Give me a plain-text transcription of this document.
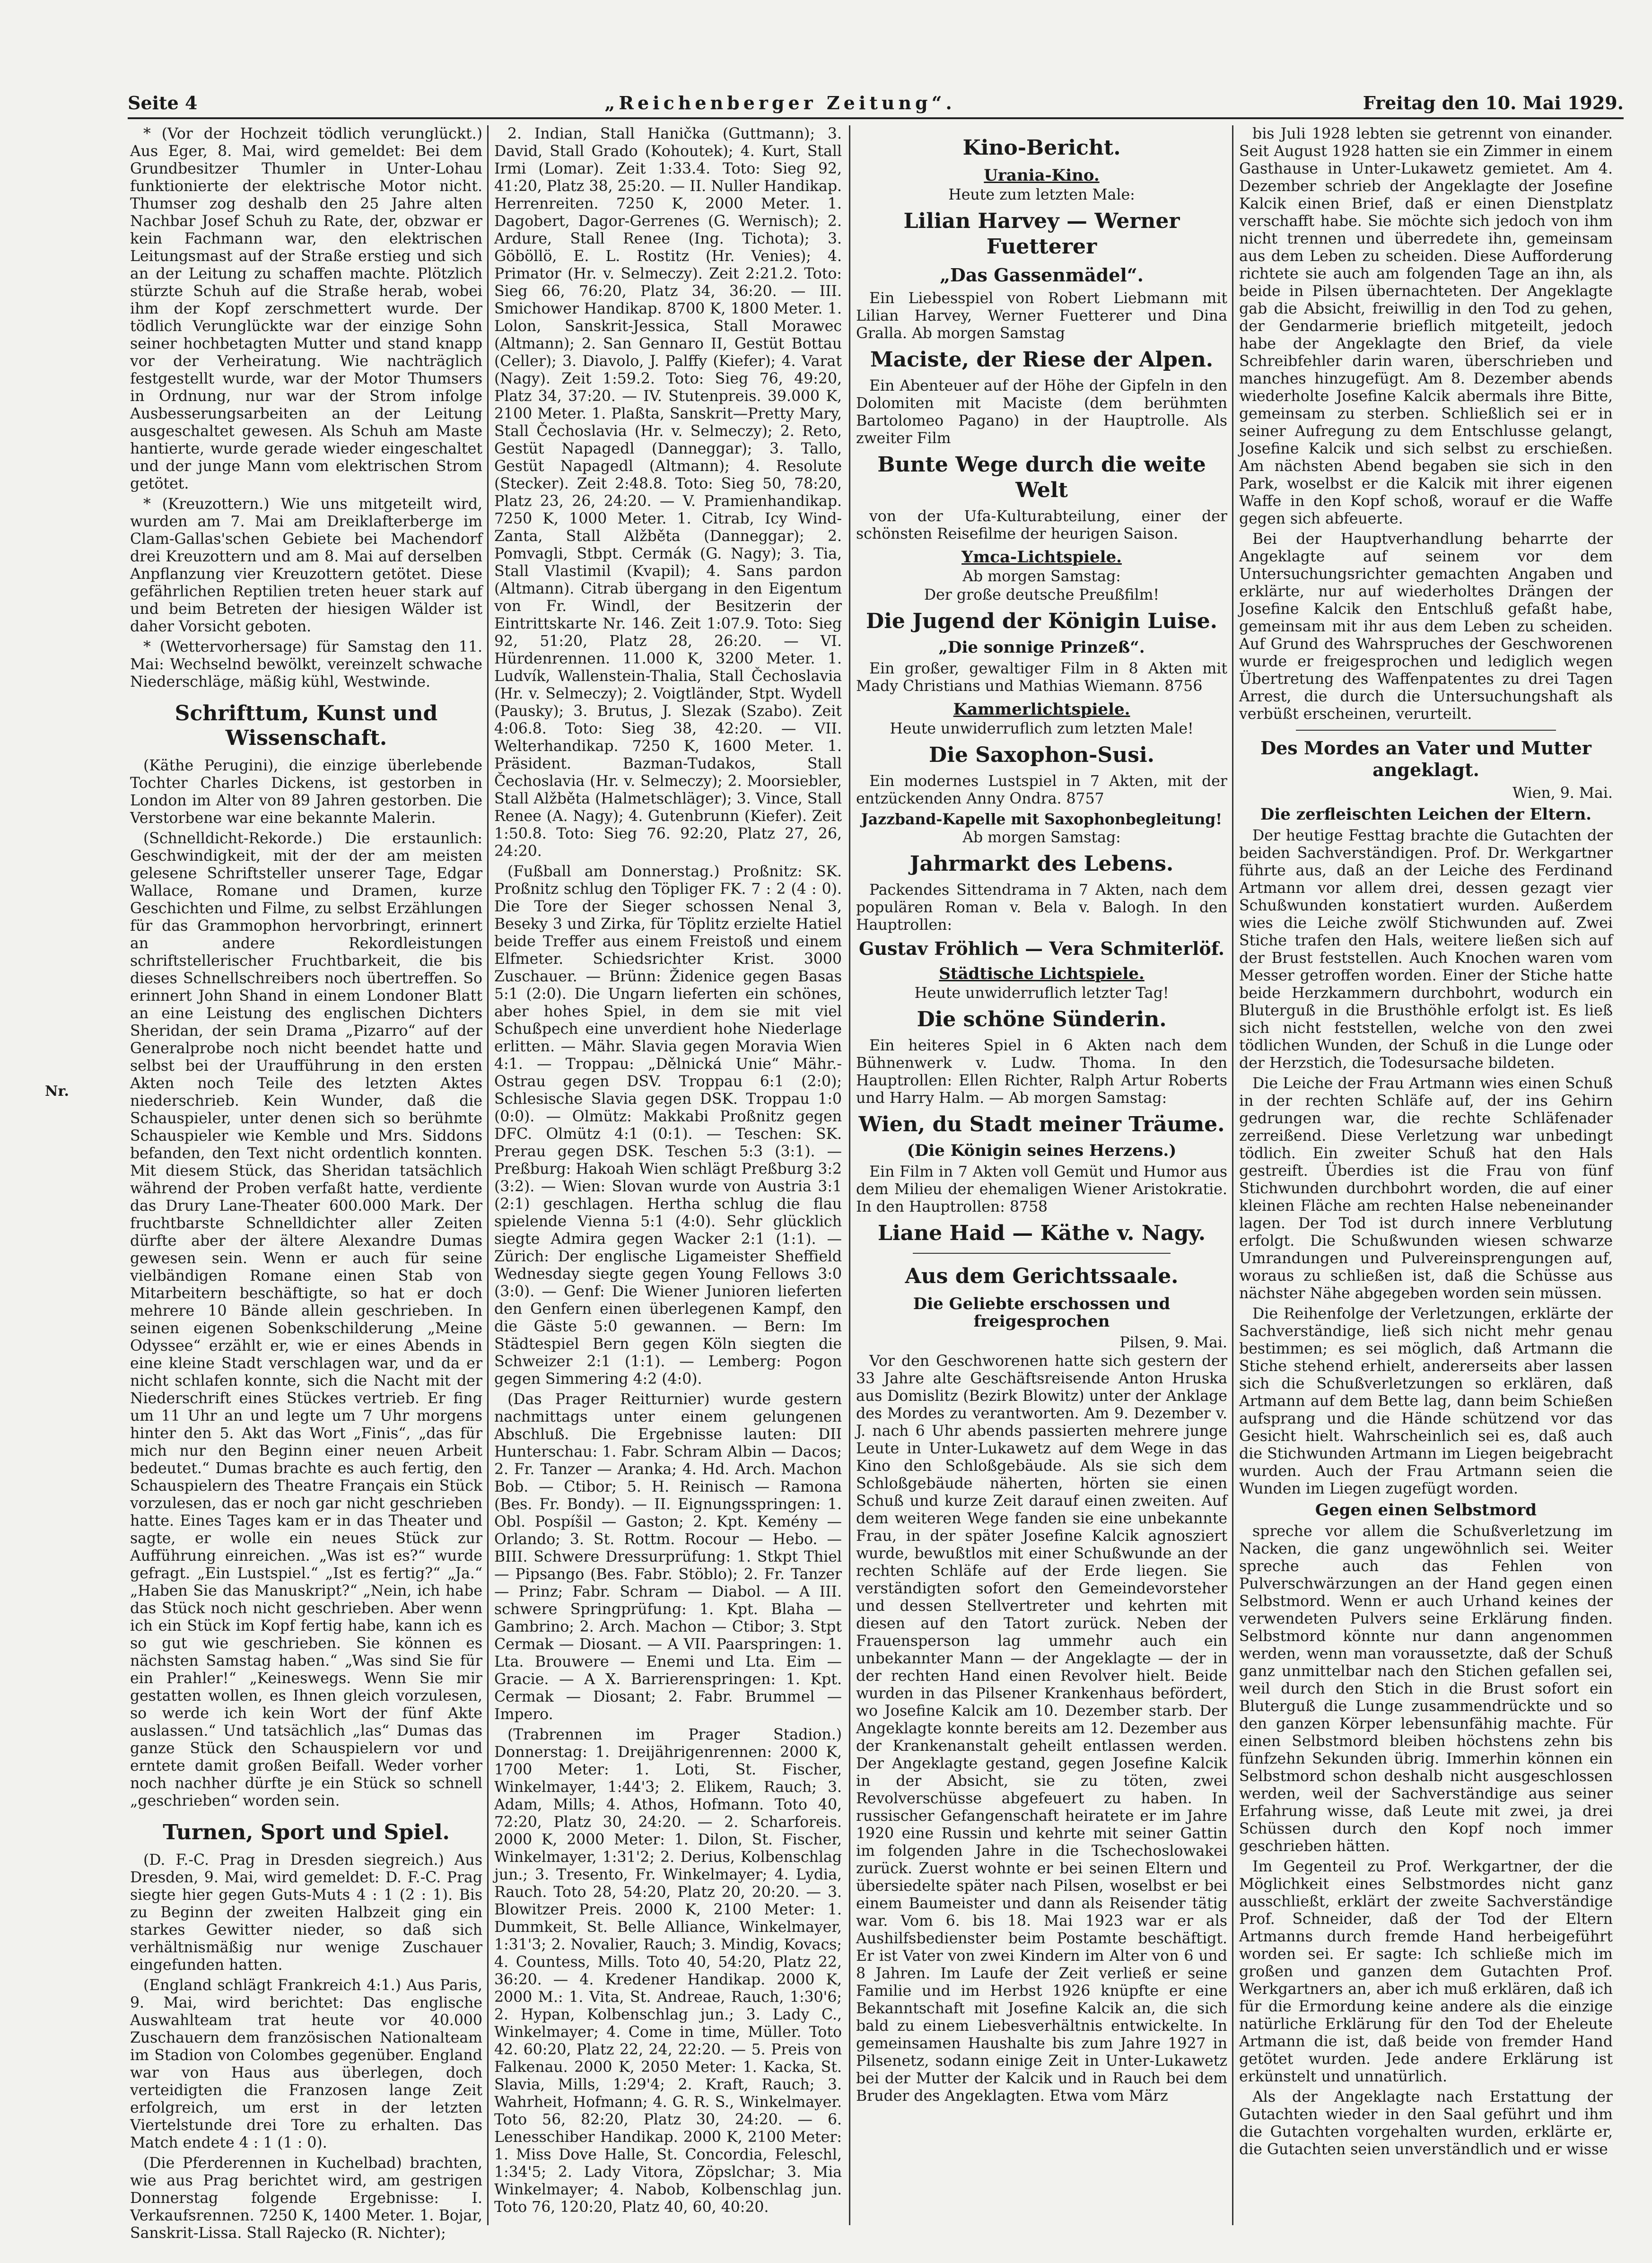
Seite 4	„Reichenberger Zeitung“.	Freitag den 10. Mai 1929.
Nr.

* (Vor der Hochzeit tödlich verunglückt.) Aus Eger, 8. Mai, wird gemeldet: Bei dem Grundbesitzer Thumler in Unter-Lohau funktionierte der elektrische Motor nicht. Thumser zog deshalb den 25 Jahre alten Nachbar Josef Schuh zu Rate, der, obzwar er kein Fachmann war, den elektrischen Leitungsmast auf der Straße erstieg und sich an der Leitung zu schaffen machte. Plötzlich stürzte Schuh auf die Straße herab, wobei ihm der Kopf zerschmettert wurde. Der tödlich Verunglückte war der einzige Sohn seiner hochbetagten Mutter und stand knapp vor der Verheiratung. Wie nachträglich festgestellt wurde, war der Motor Thumsers in Ordnung, nur war der Strom infolge Ausbesserungsarbeiten an der Leitung ausgeschaltet gewesen. Als Schuh am Maste hantierte, wurde gerade wieder eingeschaltet und der junge Mann vom elektrischen Strom getötet.

* (Kreuzottern.) Wie uns mitgeteilt wird, wurden am 7. Mai am Dreiklafterberge im Clam-Gallas'schen Gebiete bei Machendorf drei Kreuzottern und am 8. Mai auf derselben Anpflanzung vier Kreuzottern getötet. Diese gefährlichen Reptilien treten heuer stark auf und beim Betreten der hiesigen Wälder ist daher Vorsicht geboten.

* (Wettervorhersage) für Samstag den 11. Mai: Wechselnd bewölkt, vereinzelt schwache Niederschläge, mäßig kühl, Westwinde.

Schrifttum, Kunst und Wissenschaft.

(Käthe Perugini), die einzige überlebende Tochter Charles Dickens, ist gestorben in London im Alter von 89 Jahren gestorben. Die Verstorbene war eine bekannte Malerin.

(Schnelldicht-Rekorde.) Die erstaunlich: Geschwindigkeit, mit der der am meisten gelesene Schriftsteller unserer Tage, Edgar Wallace, Romane und Dramen, kurze Geschichten und Filme, zu selbst Erzählungen für das Grammophon hervorbringt, erinnert an andere Rekordleistungen schriftstellerischer Fruchtbarkeit, die bis dieses Schnellschreibers noch übertreffen. So erinnert John Shand in einem Londoner Blatt an eine Leistung des englischen Dichters Sheridan, der sein Drama „Pizarro“ auf der Generalprobe noch nicht beendet hatte und selbst bei der Uraufführung in den ersten Akten noch Teile des letzten Aktes niederschrieb. Kein Wunder, daß die Schauspieler, unter denen sich so berühmte Schauspieler wie Kemble und Mrs. Siddons befanden, den Text nicht ordentlich konnten. Mit diesem Stück, das Sheridan tatsächlich während der Proben verfaßt hatte, verdiente das Drury Lane-Theater 600.000 Mark. Der fruchtbarste Schnelldichter aller Zeiten dürfte aber der ältere Alexandre Dumas gewesen sein. Wenn er auch für seine vielbändigen Romane einen Stab von Mitarbeitern beschäftigte, so hat er doch mehrere 10 Bände allein geschrieben. In seinen eigenen Sobenkschilderung „Meine Odyssee“ erzählt er, wie er eines Abends in eine kleine Stadt verschlagen war, und da er nicht schlafen konnte, sich die Nacht mit der Niederschrift eines Stückes vertrieb. Er fing um 11 Uhr an und legte um 7 Uhr morgens hinter den 5. Akt das Wort „Finis“, „das für mich nur den Beginn einer neuen Arbeit bedeutet.“ Dumas brachte es auch fertig, den Schauspielern des Theatre Français ein Stück vorzulesen, das er noch gar nicht geschrieben hatte. Eines Tages kam er in das Theater und sagte, er wolle ein neues Stück zur Aufführung einreichen. „Was ist es?“ wurde gefragt. „Ein Lustspiel.“ „Ist es fertig?“ „Ja.“ „Haben Sie das Manuskript?“ „Nein, ich habe das Stück noch nicht geschrieben. Aber wenn ich ein Stück im Kopf fertig habe, kann ich es so gut wie geschrieben. Sie können es nächsten Samstag haben.“ „Was sind Sie für ein Prahler!“ „Keineswegs. Wenn Sie mir gestatten wollen, es Ihnen gleich vorzulesen, so werde ich kein Wort der fünf Akte auslassen.“ Und tatsächlich „las“ Dumas das ganze Stück den Schauspielern vor und erntete damit großen Beifall. Weder vorher noch nachher dürfte je ein Stück so schnell „geschrieben“ worden sein.

Turnen, Sport und Spiel.

(D. F.-C. Prag in Dresden siegreich.) Aus Dresden, 9. Mai, wird gemeldet: D. F.-C. Prag siegte hier gegen Guts-Muts 4 : 1 (2 : 1). Bis zu Beginn der zweiten Halbzeit ging ein starkes Gewitter nieder, so daß sich verhältnismäßig nur wenige Zuschauer eingefunden hatten.

(England schlägt Frankreich 4:1.) Aus Paris, 9. Mai, wird berichtet: Das englische Auswahlteam trat heute vor 40.000 Zuschauern dem französischen Nationalteam im Stadion von Colombes gegenüber. England war von Haus aus überlegen, doch verteidigten die Franzosen lange Zeit erfolgreich, um erst in der letzten Viertelstunde drei Tore zu erhalten. Das Match endete 4 : 1 (1 : 0).

(Die Pferderennen in Kuchelbad) brachten, wie aus Prag berichtet wird, am gestrigen Donnerstag folgende Ergebnisse: I. Verkaufsrennen. 7250 K, 1400 Meter. 1. Bojar, Sanskrit-Lissa. Stall Rajecko (R. Nichter);

2. Indian, Stall Hanička (Guttmann); 3. David, Stall Grado (Kohoutek); 4. Kurt, Stall Irmi (Lomar). Zeit 1:33.4. Toto: Sieg 92, 41:20, Platz 38, 25:20. — II. Nuller Handikap. Herrenreiten. 7250 K, 2000 Meter. 1. Dagobert, Dagor-Gerrenes (G. Wernisch); 2. Ardure, Stall Renee (Ing. Tichota); 3. Göböllö, E. L. Rostitz (Hr. Venies); 4. Primator (Hr. v. Selmeczy). Zeit 2:21.2. Toto: Sieg 66, 76:20, Platz 34, 36:20. — III. Smichower Handikap. 8700 K, 1800 Meter. 1. Lolon, Sanskrit-Jessica, Stall Morawec (Altmann); 2. San Gennaro II, Gestüt Bottau (Celler); 3. Diavolo, J. Palffy (Kiefer); 4. Varat (Nagy). Zeit 1:59.2. Toto: Sieg 76, 49:20, Platz 34, 37:20. — IV. Stutenpreis. 39.000 K, 2100 Meter. 1. Plaßta, Sanskrit—Pretty Mary, Stall Čechoslavia (Hr. v. Selmeczy); 2. Reto, Gestüt Napagedl (Danneggar); 3. Tallo, Gestüt Napagedl (Altmann); 4. Resolute (Stecker). Zeit 2:48.8. Toto: Sieg 50, 78:20, Platz 23, 26, 24:20. — V. Pramienhandikap. 7250 K, 1000 Meter. 1. Citrab, Icy Wind-Zanta, Stall Alžběta (Danneggar); 2. Pomvagli, Stbpt. Cermák (G. Nagy); 3. Tia, Stall Vlastimil (Kvapil); 4. Sans pardon (Altmann). Citrab übergang in den Eigentum von Fr. Windl, der Besitzerin der Eintrittskarte Nr. 146. Zeit 1:07.9. Toto: Sieg 92, 51:20, Platz 28, 26:20. — VI. Hürdenrennen. 11.000 K, 3200 Meter. 1. Ludvík, Wallenstein-Thalia, Stall Čechoslavia (Hr. v. Selmeczy); 2. Voigtländer, Stpt. Wydell (Pausky); 3. Brutus, J. Slezak (Szabo). Zeit 4:06.8. Toto: Sieg 38, 42:20. — VII. Welterhandikap. 7250 K, 1600 Meter. 1. Präsident. Bazman-Tudakos, Stall Čechoslavia (Hr. v. Selmeczy); 2. Moorsiebler, Stall Alžběta (Halmetschläger); 3. Vince, Stall Renee (A. Nagy); 4. Gutenbrunn (Kiefer). Zeit 1:50.8. Toto: Sieg 76. 92:20, Platz 27, 26, 24:20.

(Fußball am Donnerstag.) Proßnitz: SK. Proßnitz schlug den Töpliger FK. 7 : 2 (4 : 0). Die Tore der Sieger schossen Nenal 3, Beseky 3 und Zirka, für Töplitz erzielte Hatiel beide Treffer aus einem Freistoß und einem Elfmeter. Schiedsrichter Krist. 3000 Zuschauer. — Brünn: Židenice gegen Basas 5:1 (2:0). Die Ungarn lieferten ein schönes, aber hohes Spiel, in dem sie mit viel Schußpech eine unverdient hohe Niederlage erlitten. — Mähr. Slavia gegen Moravia Wien 4:1. — Troppau: „Dělnická Unie“ Mähr.-Ostrau gegen DSV. Troppau 6:1 (2:0); Schlesische Slavia gegen DSK. Troppau 1:0 (0:0). — Olmütz: Makkabi Proßnitz gegen DFC. Olmütz 4:1 (0:1). — Teschen: SK. Prerau gegen DSK. Teschen 5:3 (3:1). — Preßburg: Hakoah Wien schlägt Preßburg 3:2 (3:2). — Wien: Slovan wurde von Austria 3:1 (2:1) geschlagen. Hertha schlug die flau spielende Vienna 5:1 (4:0). Sehr glücklich siegte Admira gegen Wacker 2:1 (1:1). — Zürich: Der englische Ligameister Sheffield Wednesday siegte gegen Young Fellows 3:0 (3:0). — Genf: Die Wiener Junioren lieferten den Genfern einen überlegenen Kampf, den die Gäste 5:0 gewannen. — Bern: Im Städtespiel Bern gegen Köln siegten die Schweizer 2:1 (1:1). — Lemberg: Pogon gegen Simmering 4:2 (4:0).

(Das Prager Reitturnier) wurde gestern nachmittags unter einem gelungenen Abschluß. Die Ergebnisse lauten: DII Hunterschau: 1. Fabr. Schram Albin — Dacos; 2. Fr. Tanzer — Aranka; 4. Hd. Arch. Machon Bob. — Ctibor; 5. H. Reinisch — Ramona (Bes. Fr. Bondy). — II. Eignungsspringen: 1. Obl. Pospíšil — Gaston; 2. Kpt. Kemény — Orlando; 3. St. Rottm. Rocour — Hebo. — BIII. Schwere Dressurprüfung: 1. Stkpt Thiel — Pipsango (Bes. Fabr. Stöblo); 2. Fr. Tanzer — Prinz; Fabr. Schram — Diabol. — A III. schwere Springprüfung: 1. Kpt. Blaha — Gambrino; 2. Arch. Machon — Ctibor; 3. Stpt Cermak — Diosant. — A VII. Paarspringen: 1. Lta. Brouwere — Enemi und Lta. Eim — Gracie. — A X. Barrierenspringen: 1. Kpt. Cermak — Diosant; 2. Fabr. Brummel — Impero.

(Trabrennen im Prager Stadion.) Donnerstag: 1. Dreijährigenrennen: 2000 K, 1700 Meter: 1. Loti, St. Fischer, Winkelmayer, 1:44'3; 2. Elikem, Rauch; 3. Adam, Mills; 4. Athos, Hofmann. Toto 40, 72:20, Platz 30, 24:20. — 2. Scharforeis. 2000 K, 2000 Meter: 1. Dilon, St. Fischer, Winkelmayer, 1:31'2; 2. Derius, Kolbenschlag jun.; 3. Tresento, Fr. Winkelmayer; 4. Lydia, Rauch. Toto 28, 54:20, Platz 20, 20:20. — 3. Blowitzer Preis. 2000 K, 2100 Meter: 1. Dummkeit, St. Belle Alliance, Winkelmayer, 1:31'3; 2. Novalier, Rauch; 3. Mindig, Kovacs; 4. Countess, Mills. Toto 40, 54:20, Platz 22, 36:20. — 4. Kredener Handikap. 2000 K, 2000 M.: 1. Vita, St. Andreae, Rauch, 1:30'6; 2. Hypan, Kolbenschlag jun.; 3. Lady C., Winkelmayer; 4. Come in time, Müller. Toto 42. 60:20, Platz 22, 24, 22:20. — 5. Preis von Falkenau. 2000 K, 2050 Meter: 1. Kacka, St. Slavia, Mills, 1:29'4; 2. Kraft, Rauch; 3. Wahrheit, Hofmann; 4. G. R. S., Winkelmayer. Toto 56, 82:20, Platz 30, 24:20. — 6. Lenesschiber Handikap. 2000 K, 2100 Meter: 1. Miss Dove Halle, St. Concordia, Feleschl, 1:34'5; 2. Lady Vitora, Zöpslchar; 3. Mia Winkelmayer; 4. Nabob, Kolbenschlag jun. Toto 76, 120:20, Platz 40, 60, 40:20.

Kino-Bericht.
Urania-Kino.
Heute zum letzten Male:
Lilian Harvey — Werner Fuetterer
„Das Gassenmädel“.

Ein Liebesspiel von Robert Liebmann mit Lilian Harvey, Werner Fuetterer und Dina Gralla. Ab morgen Samstag

Maciste, der Riese der Alpen.

Ein Abenteuer auf der Höhe der Gipfeln in den Dolomiten mit Maciste (dem berühmten Bartolomeo Pagano) in der Hauptrolle. Als zweiter Film

Bunte Wege durch die weite Welt

von der Ufa-Kulturabteilung, einer der schönsten Reisefilme der heurigen Saison.

Ymca-Lichtspiele.
Ab morgen Samstag:
Der große deutsche Preußfilm!
Die Jugend der Königin Luise.
„Die sonnige Prinzeß“.

Ein großer, gewaltiger Film in 8 Akten mit Mady Christians und Mathias Wiemann. 8756

Kammerlichtspiele.
Heute unwiderruflich zum letzten Male!
Die Saxophon-Susi.

Ein modernes Lustspiel in 7 Akten, mit der entzückenden Anny Ondra. 8757

Jazzband-Kapelle mit Saxophonbegleitung!
Ab morgen Samstag:
Jahrmarkt des Lebens.

Packendes Sittendrama in 7 Akten, nach dem populären Roman v. Bela v. Balogh. In den Hauptrollen:

Gustav Fröhlich — Vera Schmiterlöf.
Städtische Lichtspiele.
Heute unwiderruflich letzter Tag!
Die schöne Sünderin.

Ein heiteres Spiel in 6 Akten nach dem Bühnenwerk v. Ludw. Thoma. In den Hauptrollen: Ellen Richter, Ralph Artur Roberts und Harry Halm. — Ab morgen Samstag:

Wien, du Stadt meiner Träume.
(Die Königin seines Herzens.)

Ein Film in 7 Akten voll Gemüt und Humor aus dem Milieu der ehemaligen Wiener Aristokratie. In den Hauptrollen: 8758

Liane Haid — Käthe v. Nagy.
Aus dem Gerichtssaale.
Die Geliebte erschossen und freigesprochen
Pilsen, 9. Mai.

Vor den Geschworenen hatte sich gestern der 33 Jahre alte Geschäftsreisende Anton Hruska aus Domislitz (Bezirk Blowitz) unter der Anklage des Mordes zu verantworten. Am 9. Dezember v. J. nach 6 Uhr abends passierten mehrere junge Leute in Unter-Lukawetz auf dem Wege in das Kino den Schloßgebäude. Als sie sich dem Schloßgebäude näherten, hörten sie einen Schuß und kurze Zeit darauf einen zweiten. Auf dem weiteren Wege fanden sie eine unbekannte Frau, in der später Josefine Kalcik agnosziert wurde, bewußtlos mit einer Schußwunde an der rechten Schläfe auf der Erde liegen. Sie verständigten sofort den Gemeindevorsteher und dessen Stellvertreter und kehrten mit diesen auf den Tatort zurück. Neben der Frauensperson lag ummehr auch ein unbekannter Mann — der Angeklagte — der in der rechten Hand einen Revolver hielt. Beide wurden in das Pilsener Krankenhaus befördert, wo Josefine Kalcik am 10. Dezember starb. Der Angeklagte konnte bereits am 12. Dezember aus der Krankenanstalt geheilt entlassen werden. Der Angeklagte gestand, gegen Josefine Kalcik in der Absicht, sie zu töten, zwei Revolverschüsse abgefeuert zu haben. In russischer Gefangenschaft heiratete er im Jahre 1920 eine Russin und kehrte mit seiner Gattin im folgenden Jahre in die Tschechoslowakei zurück. Zuerst wohnte er bei seinen Eltern und übersiedelte später nach Pilsen, woselbst er bei einem Baumeister und dann als Reisender tätig war. Vom 6. bis 18. Mai 1923 war er als Aushilfsbedienster beim Postamte beschäftigt. Er ist Vater von zwei Kindern im Alter von 6 und 8 Jahren. Im Laufe der Zeit verließ er seine Familie und im Herbst 1926 knüpfte er eine Bekanntschaft mit Josefine Kalcik an, die sich bald zu einem Liebesverhältnis entwickelte. In gemeinsamen Haushalte bis zum Jahre 1927 in Pilsenetz, sodann einige Zeit in Unter-Lukawetz bei der Mutter der Kalcik und in Rauch bei dem Bruder des Angeklagten. Etwa vom März

bis Juli 1928 lebten sie getrennt von einander. Seit August 1928 hatten sie ein Zimmer in einem Gasthause in Unter-Lukawetz gemietet. Am 4. Dezember schrieb der Angeklagte der Josefine Kalcik einen Brief, daß er einen Dienstplatz verschafft habe. Sie möchte sich jedoch von ihm nicht trennen und überredete ihn, gemeinsam aus dem Leben zu scheiden. Diese Aufforderung richtete sie auch am folgenden Tage an ihn, als beide in Pilsen übernachteten. Der Angeklagte gab die Absicht, freiwillig in den Tod zu gehen, der Gendarmerie brieflich mitgeteilt, jedoch habe der Angeklagte den Brief, da viele Schreibfehler darin waren, überschrieben und manches hinzugefügt. Am 8. Dezember abends wiederholte Josefine Kalcik abermals ihre Bitte, gemeinsam zu sterben. Schließlich sei er in seiner Aufregung zu dem Entschlusse gelangt, Josefine Kalcik und sich selbst zu erschießen. Am nächsten Abend begaben sie sich in den Park, woselbst er die Kalcik mit ihrer eigenen Waffe in den Kopf schoß, worauf er die Waffe gegen sich abfeuerte.

Bei der Hauptverhandlung beharrte der Angeklagte auf seinem vor dem Untersuchungsrichter gemachten Angaben und erklärte, nur auf wiederholtes Drängen der Josefine Kalcik den Entschluß gefaßt habe, gemeinsam mit ihr aus dem Leben zu scheiden. Auf Grund des Wahrspruches der Geschworenen wurde er freigesprochen und lediglich wegen Übertretung des Waffenpatentes zu drei Tagen Arrest, die durch die Untersuchungshaft als verbüßt erscheinen, verurteilt.

Des Mordes an Vater und Mutter angeklagt.
Wien, 9. Mai.
Die zerfleischten Leichen der Eltern.

Der heutige Festtag brachte die Gutachten der beiden Sachverständigen. Prof. Dr. Werkgartner führte aus, daß an der Leiche des Ferdinand Artmann vor allem drei, dessen gezagt vier Schußwunden konstatiert wurden. Außerdem wies die Leiche zwölf Stichwunden auf. Zwei Stiche trafen den Hals, weitere ließen sich auf der Brust feststellen. Auch Knochen waren vom Messer getroffen worden. Einer der Stiche hatte beide Herzkammern durchbohrt, wodurch ein Bluterguß in die Brusthöhle erfolgt ist. Es ließ sich nicht feststellen, welche von den zwei tödlichen Wunden, der Schuß in die Lunge oder der Herzstich, die Todesursache bildeten.

Die Leiche der Frau Artmann wies einen Schuß in der rechten Schläfe auf, der ins Gehirn gedrungen war, die rechte Schläfenader zerreißend. Diese Verletzung war unbedingt tödlich. Ein zweiter Schuß hat den Hals gestreift. Überdies ist die Frau von fünf Stichwunden durchbohrt worden, die auf einer kleinen Fläche am rechten Halse nebeneinander lagen. Der Tod ist durch innere Verblutung erfolgt. Die Schußwunden wiesen schwarze Umrandungen und Pulvereinsprengungen auf, woraus zu schließen ist, daß die Schüsse aus nächster Nähe abgegeben worden sein müssen.

Die Reihenfolge der Verletzungen, erklärte der Sachverständige, ließ sich nicht mehr genau bestimmen; es sei möglich, daß Artmann die Stiche stehend erhielt, andererseits aber lassen sich die Schußverletzungen so erklären, daß Artmann auf dem Bette lag, dann beim Schießen aufsprang und die Hände schützend vor das Gesicht hielt. Wahrscheinlich sei es, daß auch die Stichwunden Artmann im Liegen beigebracht wurden. Auch der Frau Artmann seien die Wunden im Liegen zugefügt worden.

Gegen einen Selbstmord

spreche vor allem die Schußverletzung im Nacken, die ganz ungewöhnlich sei. Weiter spreche auch das Fehlen von Pulverschwärzungen an der Hand gegen einen Selbstmord. Wenn er auch Urhand keines der verwendeten Pulvers seine Erklärung finden. Selbstmord könnte nur dann angenommen werden, wenn man voraussetzte, daß der Schuß ganz unmittelbar nach den Stichen gefallen sei, weil durch den Stich in die Brust sofort ein Bluterguß die Lunge zusammendrückte und so den ganzen Körper lebensunfähig machte. Für einen Selbstmord bleiben höchstens zehn bis fünfzehn Sekunden übrig. Immerhin können ein Selbstmord schon deshalb nicht ausgeschlossen werden, weil der Sachverständige aus seiner Erfahrung wisse, daß Leute mit zwei, ja drei Schüssen durch den Kopf noch immer geschrieben hätten.

Im Gegenteil zu Prof. Werkgartner, der die Möglichkeit eines Selbstmordes nicht ganz ausschließt, erklärt der zweite Sachverständige Prof. Schneider, daß der Tod der Eltern Artmanns durch fremde Hand herbeigeführt worden sei. Er sagte: Ich schließe mich im großen und ganzen dem Gutachten Prof. Werkgartners an, aber ich muß erklären, daß ich für die Ermordung keine andere als die einzige natürliche Erklärung für den Tod der Eheleute Artmann die ist, daß beide von fremder Hand getötet wurden. Jede andere Erklärung ist erkünstelt und unnatürlich.

Als der Angeklagte nach Erstattung der Gutachten wieder in den Saal geführt und ihm die Gutachten vorgehalten wurden, erklärte er, die Gutachten seien unverständlich und er wisse
